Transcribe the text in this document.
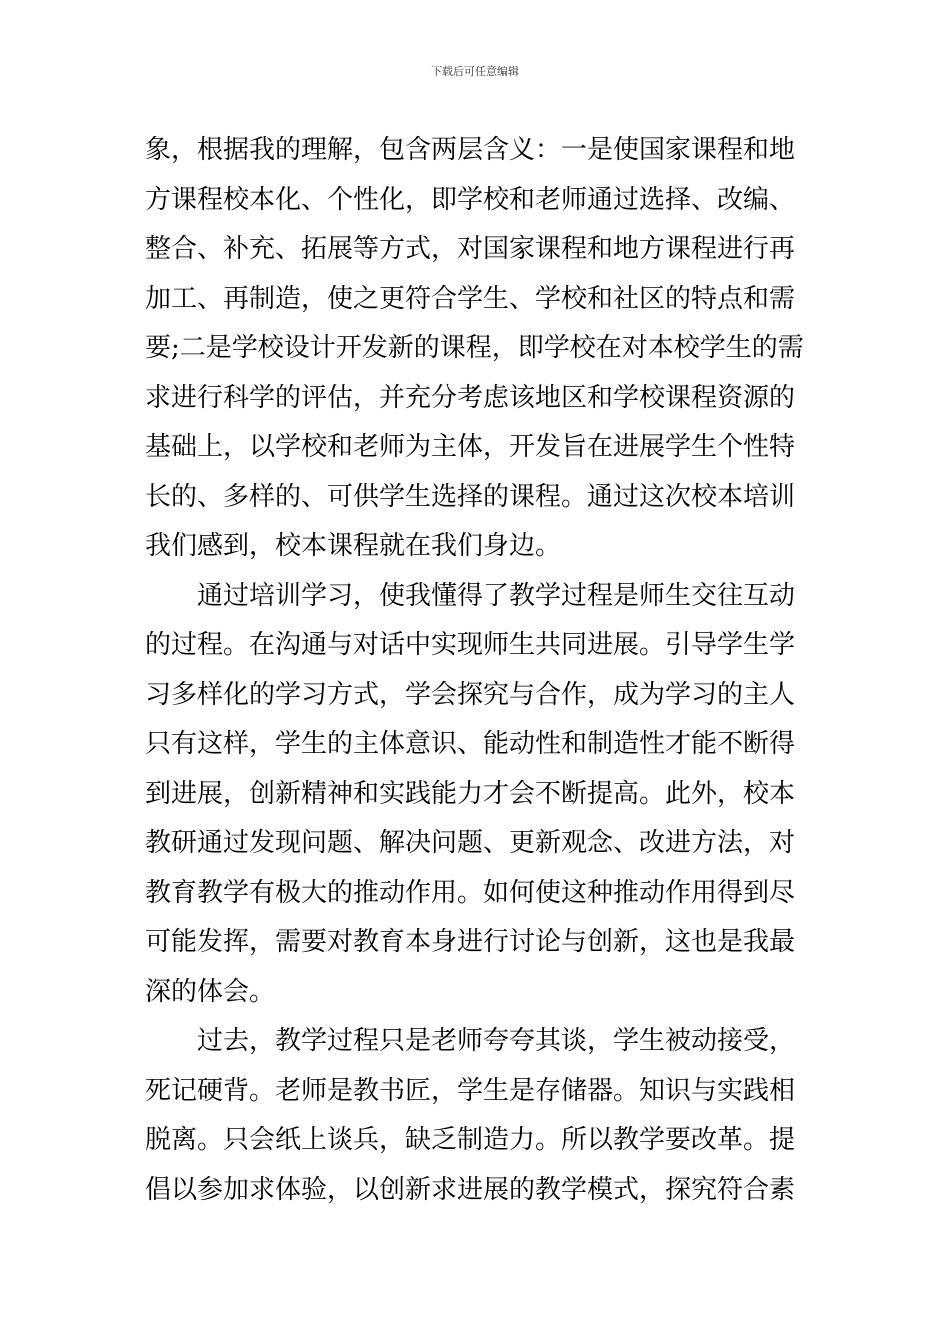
下载后可任意编辑
象，根据我的理解，包含两层含义：一是使国家课程和地
方课程校本化、个性化，即学校和老师通过选择、改编、
整合、补充、拓展等方式，对国家课程和地方课程进行再
加工、再制造，使之更符合学生、学校和社区的特点和需
要;二是学校设计开发新的课程，即学校在对本校学生的需
求进行科学的评估，并充分考虑该地区和学校课程资源的
基础上，以学校和老师为主体，开发旨在进展学生个性特
长的、多样的、可供学生选择的课程。通过这次校本培训
我们感到，校本课程就在我们身边。
通过培训学习，使我懂得了教学过程是师生交往互动
的过程。在沟通与对话中实现师生共同进展。引导学生学
习多样化的学习方式，学会探究与合作，成为学习的主人
只有这样，学生的主体意识、能动性和制造性才能不断得
到进展，创新精神和实践能力才会不断提高。此外，校本
教研通过发现问题、解决问题、更新观念、改进方法，对
教育教学有极大的推动作用。如何使这种推动作用得到尽
可能发挥，需要对教育本身进行讨论与创新，这也是我最
深的体会。
过去，教学过程只是老师夸夸其谈，学生被动接受，
死记硬背。老师是教书匠，学生是存储器。知识与实践相
脱离。只会纸上谈兵，缺乏制造力。所以教学要改革。提
倡以参加求体验，以创新求进展的教学模式，探究符合素
